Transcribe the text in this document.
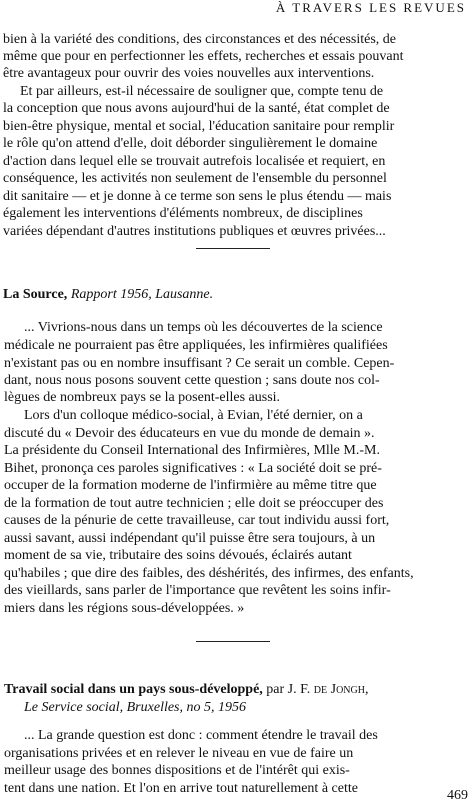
À TRAVERS LES REVUES
bien à la variété des conditions, des circonstances et des nécessités, de
même que pour en perfectionner les effets, recherches et essais pouvant
être avantageux pour ouvrir des voies nouvelles aux interventions.
Et par ailleurs, est-il nécessaire de souligner que, compte tenu de
la conception que nous avons aujourd'hui de la santé, état complet de
bien-être physique, mental et social, l'éducation sanitaire pour remplir
le rôle qu'on attend d'elle, doit déborder singulièrement le domaine
d'action dans lequel elle se trouvait autrefois localisée et requiert, en
conséquence, les activités non seulement de l'ensemble du personnel
dit sanitaire — et je donne à ce terme son sens le plus étendu — mais
également les interventions d'éléments nombreux, de disciplines
variées dépendant d'autres institutions publiques et œuvres privées...
La Source, Rapport 1956, Lausanne.
... Vivrions-nous dans un temps où les découvertes de la science
médicale ne pourraient pas être appliquées, les infirmières qualifiées
n'existant pas ou en nombre insuffisant ? Ce serait un comble. Cepen-
dant, nous nous posons souvent cette question ; sans doute nos col-
lègues de nombreux pays se la posent-elles aussi.
Lors d'un colloque médico-social, à Evian, l'été dernier, on a
discuté du « Devoir des éducateurs en vue du monde de demain ».
La présidente du Conseil International des Infirmières, Mlle M.-M.
Bihet, prononça ces paroles significatives : « La société doit se pré-
occuper de la formation moderne de l'infirmière au même titre que
de la formation de tout autre technicien ; elle doit se préoccuper des
causes de la pénurie de cette travailleuse, car tout individu aussi fort,
aussi savant, aussi indépendant qu'il puisse être sera toujours, à un
moment de sa vie, tributaire des soins dévoués, éclairés autant
qu'habiles ; que dire des faibles, des déshérités, des infirmes, des enfants,
des vieillards, sans parler de l'importance que revêtent les soins infir-
miers dans les régions sous-développées. »
Travail social dans un pays sous-développé, par J. F. de Jongh,
Le Service social, Bruxelles, no 5, 1956
... La grande question est donc : comment étendre le travail des
organisations privées et en relever le niveau en vue de faire un
meilleur usage des bonnes dispositions et de l'intérêt qui exis-
tent dans une nation. Et l'on en arrive tout naturellement à cette	469
